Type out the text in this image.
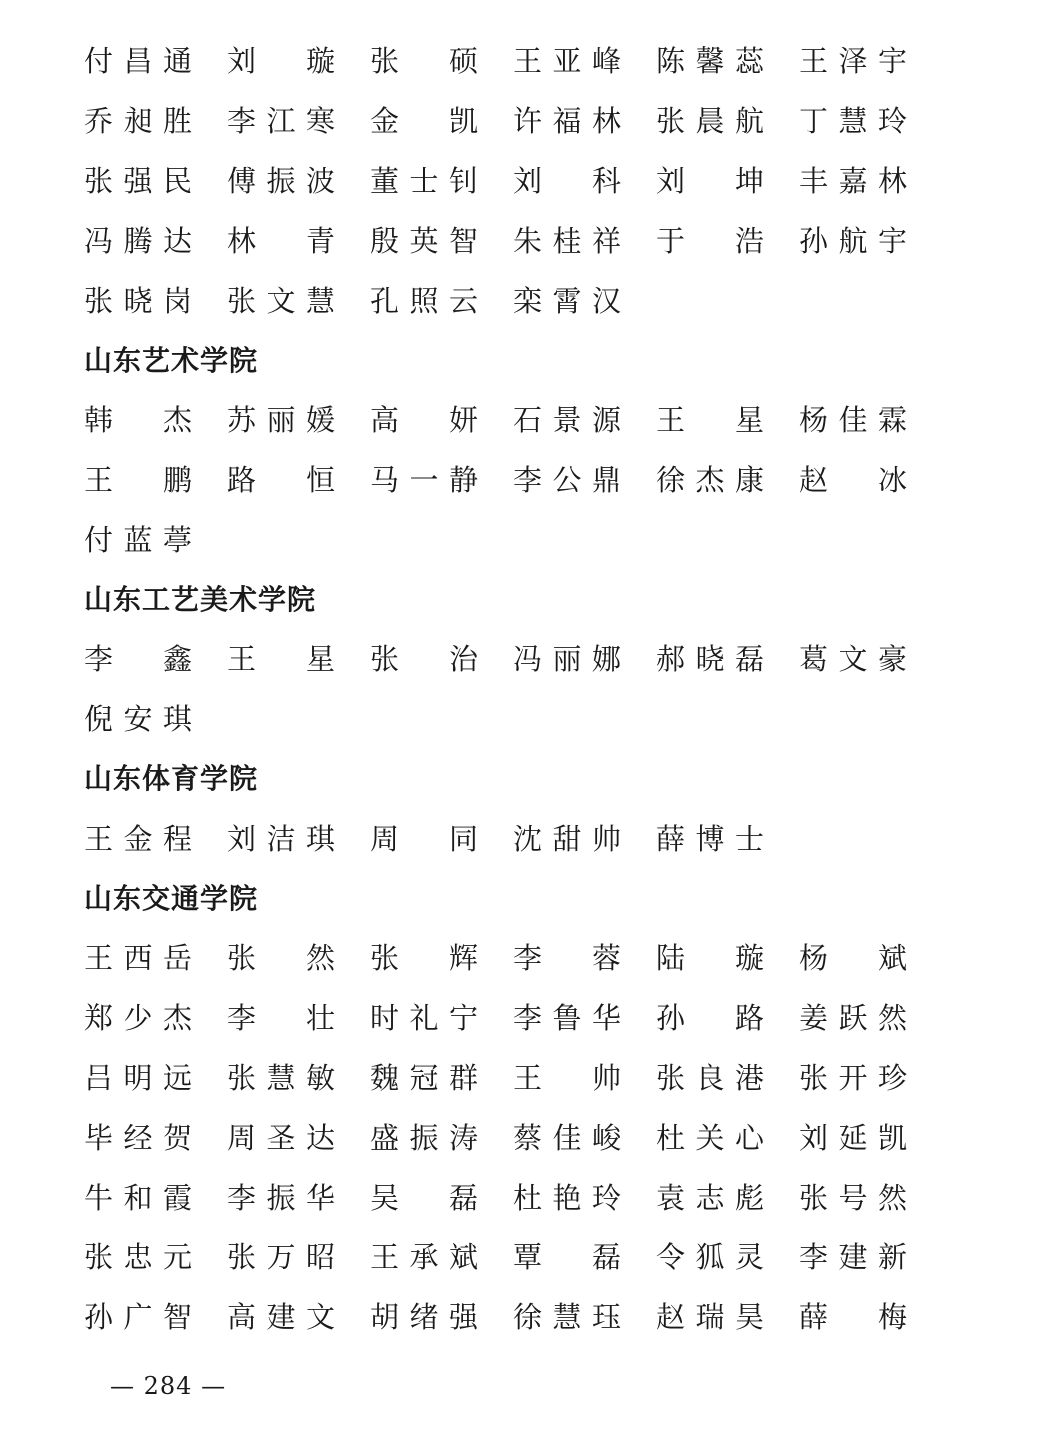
付 昌 通 刘 璇 张 硕 王 亚 峰 陈 馨 蕊 王 泽 宇
乔 昶 胜 李 江 寒 金 凯 许 福 林 张 晨 航 丁 慧 玲
张 强 民 傅 振 波 董 士 钊 刘 科 刘 坤 丰 嘉 林
冯 腾 达 林 青 殷 英 智 朱 桂 祥 于 浩 孙 航 宇
张 晓 岗 张 文 慧 孔 照 云 栾 霄 汉
山东艺术学院
韩 杰 苏 丽 媛 高 妍 石 景 源 王 星 杨 佳 霖
王 鹏 路 恒 马 一 静 李 公 鼎 徐 杰 康 赵 冰
付 蓝 葶
山东工艺美术学院
李 鑫 王 星 张 治 冯 丽 娜 郝 晓 磊 葛 文 豪
倪 安 琪
山东体育学院
王 金 程 刘 洁 琪 周 同 沈 甜 帅 薛 博 士
山东交通学院
王 西 岳 张 然 张 辉 李 蓉 陆 璇 杨 斌
郑 少 杰 李 壮 时 礼 宁 李 鲁 华 孙 路 姜 跃 然
吕 明 远 张 慧 敏 魏 冠 群 王 帅 张 良 港 张 开 珍
毕 经 贺 周 圣 达 盛 振 涛 蔡 佳 峻 杜 关 心 刘 延 凯
牛 和 霞 李 振 华 吴 磊 杜 艳 玲 袁 志 彪 张 号 然
张 忠 元 张 万 昭 王 承 斌 覃 磊 令 狐 灵 李 建 新
孙 广 智 高 建 文 胡 绪 强 徐 慧 珏 赵 瑞 昊 薛 梅
— 284 —
